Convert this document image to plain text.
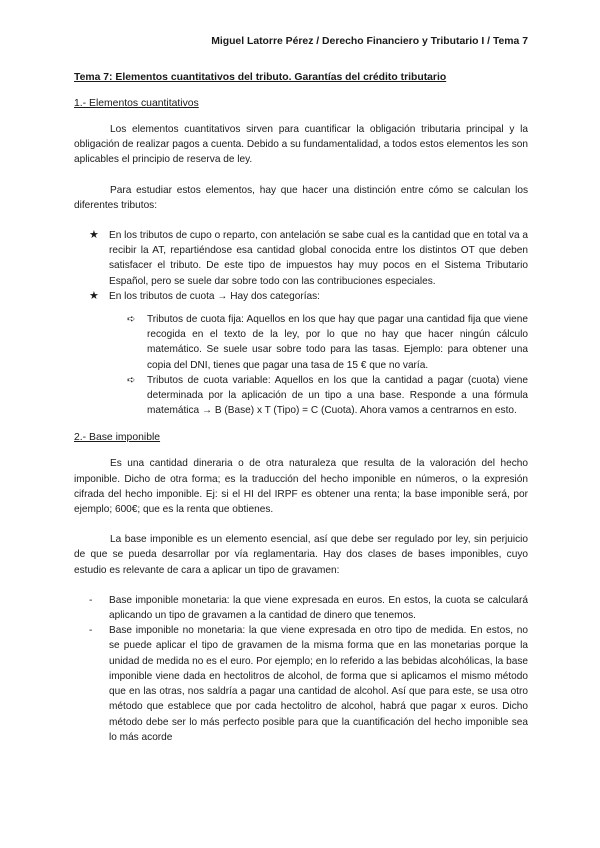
Miguel Latorre Pérez / Derecho Financiero y Tributario I / Tema 7
Tema 7: Elementos cuantitativos del tributo. Garantías del crédito tributario
1.- Elementos cuantitativos

Los elementos cuantitativos sirven para cuantificar la obligación tributaria principal y la obligación de realizar pagos a cuenta. Debido a su fundamentalidad, a todos estos elementos les son aplicables el principio de reserva de ley.

Para estudiar estos elementos, hay que hacer una distinción entre cómo se calculan los diferentes tributos:

★ En los tributos de cupo o reparto, con antelación se sabe cual es la cantidad que en total va a recibir la AT, repartiéndose esa cantidad global conocida entre los distintos OT que deben satisfacer el tributo. De este tipo de impuestos hay muy pocos en el Sistema Tributario Español, pero se suele dar sobre todo con las contribuciones especiales.
★ En los tributos de cuota → Hay dos categorías:
➪ Tributos de cuota fija: Aquellos en los que hay que pagar una cantidad fija que viene recogida en el texto de la ley, por lo que no hay que hacer ningún cálculo matemático. Se suele usar sobre todo para las tasas. Ejemplo: para obtener una copia del DNI, tienes que pagar una tasa de 15 € que no varía.
➪ Tributos de cuota variable: Aquellos en los que la cantidad a pagar (cuota) viene determinada por la aplicación de un tipo a una base. Responde a una fórmula matemática → B (Base) x T (Tipo) = C (Cuota). Ahora vamos a centrarnos en esto.
2.- Base imponible

Es una cantidad dineraria o de otra naturaleza que resulta de la valoración del hecho imponible. Dicho de otra forma; es la traducción del hecho imponible en números, o la expresión cifrada del hecho imponible. Ej: si el HI del IRPF es obtener una renta; la base imponible será, por ejemplo; 600€; que es la renta que obtienes.

La base imponible es un elemento esencial, así que debe ser regulado por ley, sin perjuicio de que se pueda desarrollar por vía reglamentaria. Hay dos clases de bases imponibles, cuyo estudio es relevante de cara a aplicar un tipo de gravamen:

- Base imponible monetaria: la que viene expresada en euros. En estos, la cuota se calculará aplicando un tipo de gravamen a la cantidad de dinero que tenemos.
- Base imponible no monetaria: la que viene expresada en otro tipo de medida. En estos, no se puede aplicar el tipo de gravamen de la misma forma que en las monetarias porque la unidad de medida no es el euro. Por ejemplo; en lo referido a las bebidas alcohólicas, la base imponible viene dada en hectolitros de alcohol, de forma que si aplicamos el mismo método que en las otras, nos saldría a pagar una cantidad de alcohol. Así que para este, se usa otro método que establece que por cada hectolitro de alcohol, habrá que pagar x euros. Dicho método debe ser lo más perfecto posible para que la cuantificación del hecho imponible sea lo más acorde
